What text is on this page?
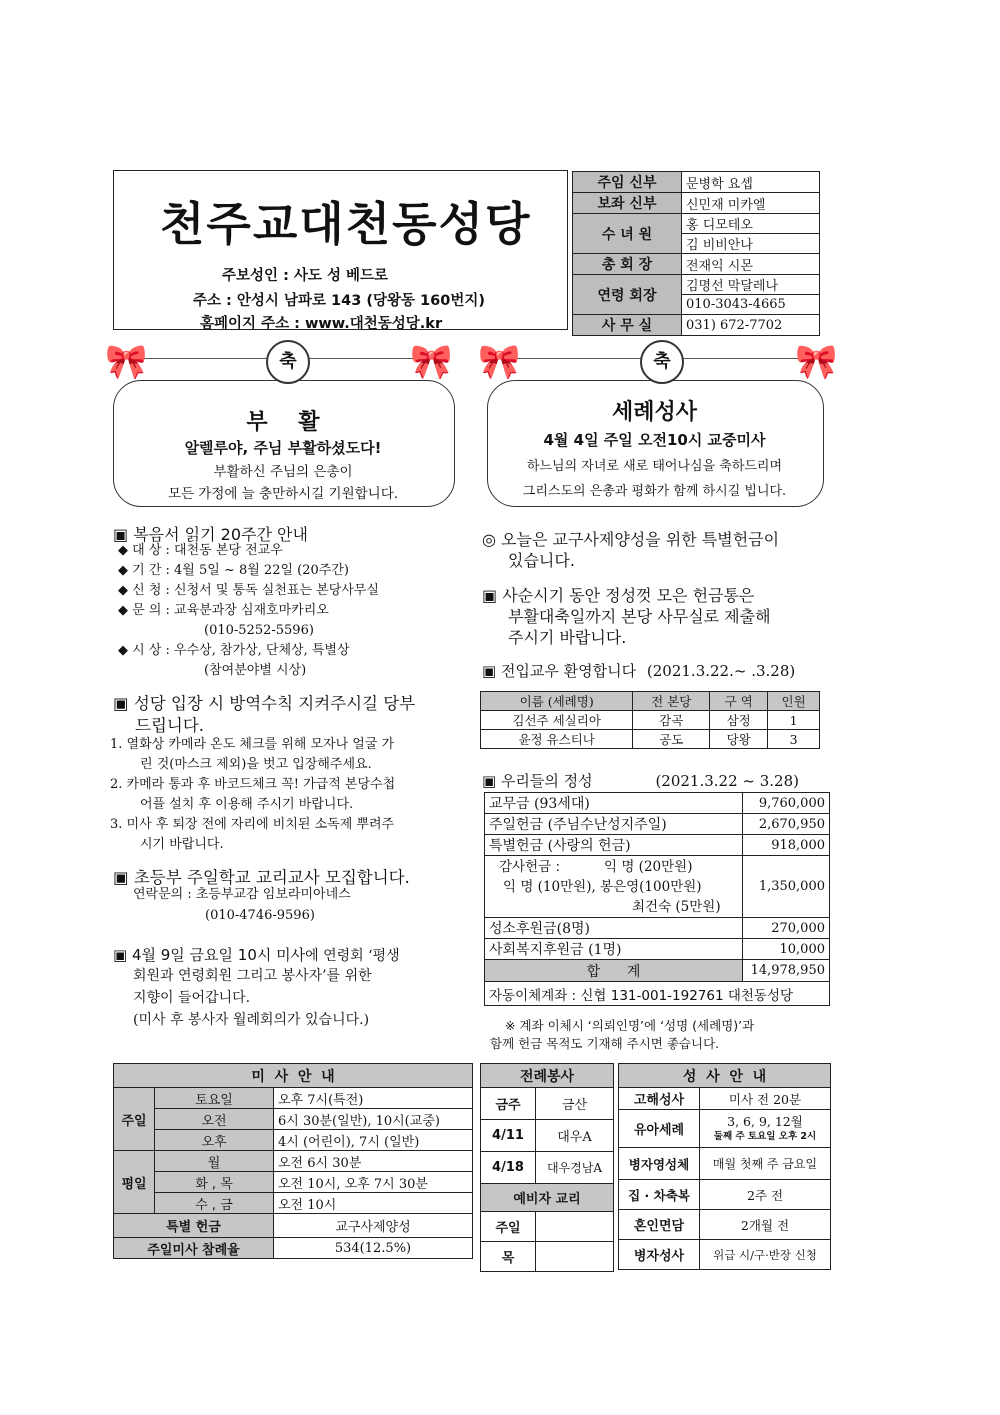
천주교대천동성당
주보성인 : 사도 성 베드로
주소 : 안성시 남파로 143 (당왕동 160번지)
홈페이지 주소 : www.대천동성당.kr
주임 신부	문병학 요셉
보좌 신부	신민재 미카엘
수 녀 원	홍 디모테오
	김 비비안나
총 회 장	전재익 시몬
연령 회장	김명선 막달레나
	010-3043-4665
사 무 실	031) 672-7702
🎀	🎀
축
부    활
알렐루야, 주님 부활하셨도다!
부활하신 주님의 은총이
모든 가정에 늘 충만하시길 기원합니다.
🎀	🎀
축
세례성사
4월 4일 주일 오전10시 교중미사
하느님의 자녀로 새로 태어나심을 축하드리며
그리스도의 은총과 평화가 함께 하시길 빕니다.
▣ 복음서 읽기 20주간 안내
◆ 대 상 : 대천동 본당 전교우
◆ 기 간 : 4월 5일 ~ 8월 22일 (20주간)
◆ 신 청 : 신청서 및 통독 실천표는 본당사무실
◆ 문 의 : 교육분과장 심재호마카리오
(010-5252-5596)
◆ 시 상 : 우수상, 참가상, 단체상, 특별상
(참여분야별 시상)
▣ 성당 입장 시 방역수칙 지켜주시길 당부
드립니다.
1. 열화상 카메라 온도 체크를 위해 모자나 얼굴 가
린 것(마스크 제외)을 벗고 입장해주세요.
2. 카메라 통과 후 바코드체크 꼭! 가급적 본당수첩
어플 설치 후 이용해 주시기 바랍니다.
3. 미사 후 퇴장 전에 자리에 비치된 소독제 뿌려주
시기 바랍니다.
▣ 초등부 주일학교 교리교사 모집합니다.
연락문의 : 초등부교감 임보라미아네스
(010-4746-9596)
▣ 4월 9일 금요일 10시 미사에 연령회 ‘평생
회원과 연령회원 그리고 봉사자’를 위한
지향이 들어갑니다.
(미사 후 봉사자 월례회의가 있습니다.)
◎ 오늘은 교구사제양성을 위한 특별헌금이
있습니다.
▣ 사순시기 동안 정성껏 모은 헌금통은
부활대축일까지 본당 사무실로 제출해
주시기 바랍니다.
▣ 전입교우 환영합니다 (2021.3.22.~ .3.28)
이름 (세례명)	전 본당	구 역	인원
김선주 세실리아	감곡	삼정	1
윤정 유스티나	공도	당왕	3
▣ 우리들의 정성	(2021.3.22 ~ 3.28)
교무금 (93세대)	9,760,000
주일헌금 (주님수난성지주일)	2,670,950
특별헌금 (사랑의 헌금)	918,000

감사헌금 : 익 명 (20만원)
익 명 (10만원), 봉은영(100만원)
최건숙 (5만원)	1,350,000
성소후원금(8명)	270,000
사회복지후원금 (1명)	10,000
합      계	14,978,950
자동이체계좌 : 신협 131-001-192761 대천동성당	
※ 계좌 이체시 ‘의뢰인명’에 ‘성명 (세례명)’과
함께 헌금 목적도 기재해 주시면 좋습니다.
미  사  안  내		
주일	토요일	오후 7시(특전)
	오전	6시 30분(일반), 10시(교중)
	오후	4시 (어린이), 7시 (일반)
평일	월	오전 6시 30분
	화 , 목	오전 10시, 오후 7시 30분
	수 , 금	오전 10시
특별 헌금		교구사제양성
주일미사 참례율		534(12.5%)
전례봉사	
금주	금산
4/11	대우A
4/18	대우경남A
예비자 교리	
주일	
목	
성  사  안  내	
고해성사	미사 전 20분
유아세례	3, 6, 9, 12월
둘째 주 토요일 오후 2시

병자영성체	매월 첫째 주 금요일
집 · 차축복	2주 전
혼인면담	2개월 전
병자성사	위급 시/구·반장 신청
